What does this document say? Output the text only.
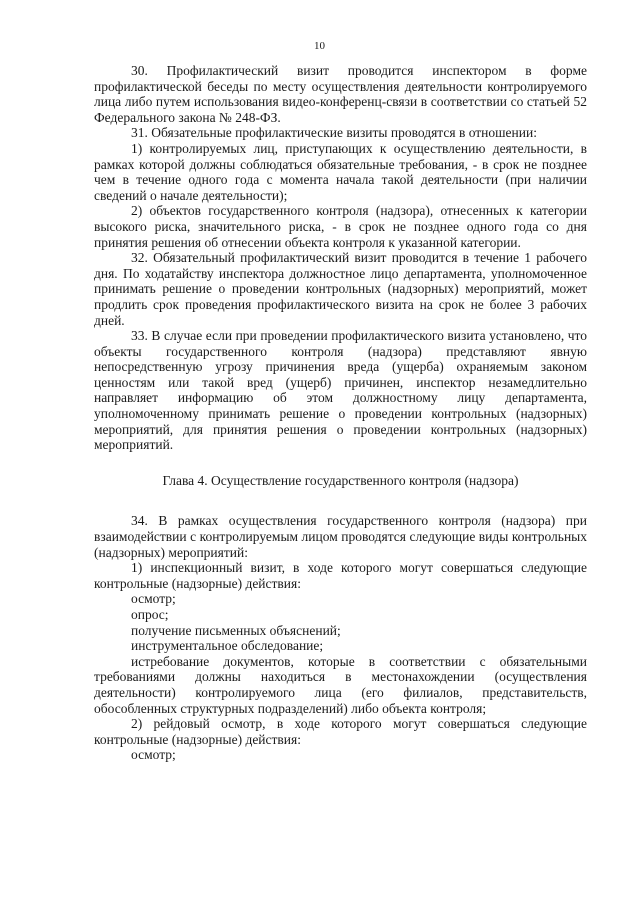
10

30. Профилактический визит проводится инспектором в форме профилактической беседы по месту осуществления деятельности контролируемого лица либо путем использования видео-конференц-связи в соответствии со статьей 52 Федерального закона № 248-ФЗ.

31. Обязательные профилактические визиты проводятся в отношении:

1) контролируемых лиц, приступающих к осуществлению деятельности, в рамках которой должны соблюдаться обязательные требования, - в срок не позднее чем в течение одного года с момента начала такой деятельности (при наличии сведений о начале деятельности);

2) объектов государственного контроля (надзора), отнесенных к категории высокого риска, значительного риска, - в срок не позднее одного года со дня принятия решения об отнесении объекта контроля к указанной категории.

32. Обязательный профилактический визит проводится в течение 1 рабочего дня. По ходатайству инспектора должностное лицо департамента, уполномоченное принимать решение о проведении контрольных (надзорных) мероприятий, может продлить срок проведения профилактического визита на срок не более 3 рабочих дней.

33. В случае если при проведении профилактического визита установлено, что объекты государственного контроля (надзора) представляют явную непосредственную угрозу причинения вреда (ущерба) охраняемым законом ценностям или такой вред (ущерб) причинен, инспектор незамедлительно направляет информацию об этом должностному лицу департамента, уполномоченному принимать решение о проведении контрольных (надзорных) мероприятий, для принятия решения о проведении контрольных (надзорных) мероприятий.

Глава 4. Осуществление государственного контроля (надзора)

34. В рамках осуществления государственного контроля (надзора) при взаимодействии с контролируемым лицом проводятся следующие виды контрольных (надзорных) мероприятий:

1) инспекционный визит, в ходе которого могут совершаться следующие контрольные (надзорные) действия:

осмотр;

опрос;

получение письменных объяснений;

инструментальное обследование;

истребование документов, которые в соответствии с обязательными требованиями должны находиться в местонахождении (осуществления деятельности) контролируемого лица (его филиалов, представительств, обособленных структурных подразделений) либо объекта контроля;

2) рейдовый осмотр, в ходе которого могут совершаться следующие контрольные (надзорные) действия:

осмотр;
